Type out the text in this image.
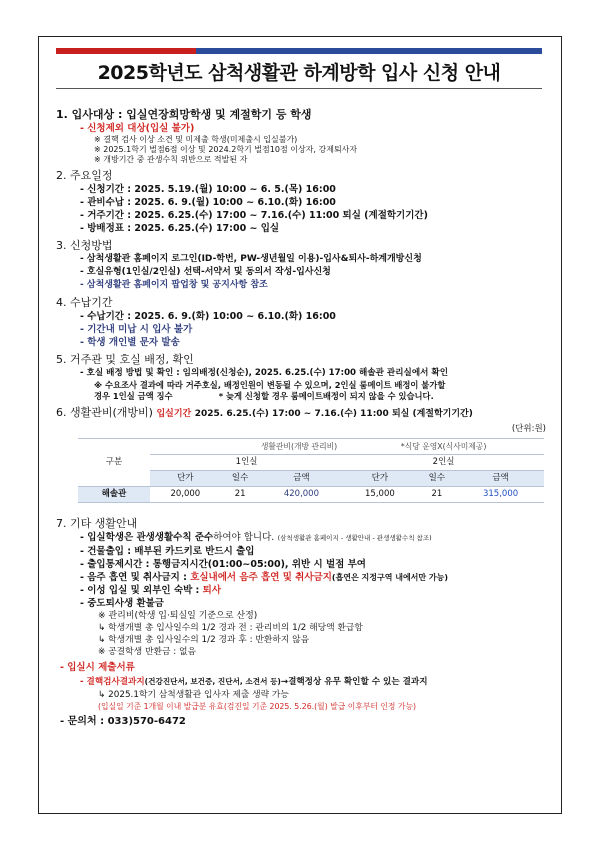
2025학년도 삼척생활관 하계방학 입사 신청 안내
1. 입사대상 : 입실연장희망학생 및 계절학기 등 학생
- 신청제외 대상(입실 불가)
※ 결핵 검사 이상 소견 및 미제출 학생(미제출시 입실불가)
※ 2025.1학기 벌점6점 이상 및 2024.2학기 벌점10점 이상자, 강제퇴사자
※ 개방기간 중 관생수칙 위반으로 적발된 자
2. 주요일정
- 신청기간 : 2025. 5.19.(월) 10:00 ~ 6. 5.(목) 16:00
- 관비수납 : 2025. 6. 9.(월) 10:00 ~ 6.10.(화) 16:00
- 거주기간 : 2025. 6.25.(수) 17:00 ~ 7.16.(수) 11:00 퇴실 (계절학기기간)
- 방배정표 : 2025. 6.25.(수) 17:00 ~ 입실
3. 신청방법
- 삼척생활관 홈페이지 로그인(ID-학번, PW-생년월일 이용)-입사&퇴사-하계개방신청
- 호실유형(1인실/2인실) 선택-서약서 및 동의서 작성-입사신청
- 삼척생활관 홈페이지 팝업창 및 공지사항 참조
4. 수납기간
- 수납기간 : 2025. 6. 9.(화) 10:00 ~ 6.10.(화) 16:00
- 기간내 미납 시 입사 불가
- 학생 개인별 문자 발송
5. 거주관 및 호실 배정, 확인
- 호실 배정 방법 및 확인 : 임의배정(신청순), 2025. 6.25.(수) 17:00 해솔관 관리실에서 확인
※ 수요조사 결과에 따라 거주호실, 배정인원이 변동될 수 있으며, 2인실 룸메이트 배정이 불가할
경우 1인실 금액 징수                * 늦게 신청할 경우 룸메이트배정이 되지 않을 수 있습니다.
6. 생활관비(개방비) 입실기간 2025. 6.25.(수) 17:00 ~ 7.16.(수) 11:00 퇴실 (계절학기기간)
(단위:원)
구분	생활관비(개방 관리비)			*식당 운영X(식사미제공)		
	1인실			2인실		
	단가	일수	금액	단가	일수	금액
해솔관	20,000	21	420,000	15,000	21	315,000
7. 기타 생활안내
- 입실학생은 관생생활수칙 준수하여야 합니다. (삼척생활관 홈페이지 - 생활안내 - 관생생활수칙 참조)
- 건물출입 : 배부된 카드키로 반드시 출입
- 출입통제시간 : 통행금지시간(01:00~05:00), 위반 시 벌점 부여
- 음주 흡연 및 취사금지 : 호실내에서 음주 흡연 및 취사금지(흡연은 지정구역 내에서만 가능)
- 이성 입실 및 외부인 숙박 : 퇴사
- 중도퇴사생 환불금
※ 관리비(학생 입·퇴실일 기준으로 산정)
↳ 학생개별 총 입사일수의 1/2 경과 전 : 관리비의 1/2 해당액 환급함
↳ 학생개별 총 입사일수의 1/2 경과 후 : 반환하지 않음
※ 공결학생 반환금 : 없음
- 입실시 제출서류
- 결핵검사결과지(건강진단서, 보건증, 진단서, 소견서 등)→결핵정상 유무 확인할 수 있는 결과지
↳ 2025.1학기 삼척생활관 입사자 제출 생략 가능
(입실일 기준 1개월 이내 발급분 유효(검진일 기준 2025. 5.26.(월) 발급 이후부터 인정 가능)
- 문의처 : 033)570-6472
